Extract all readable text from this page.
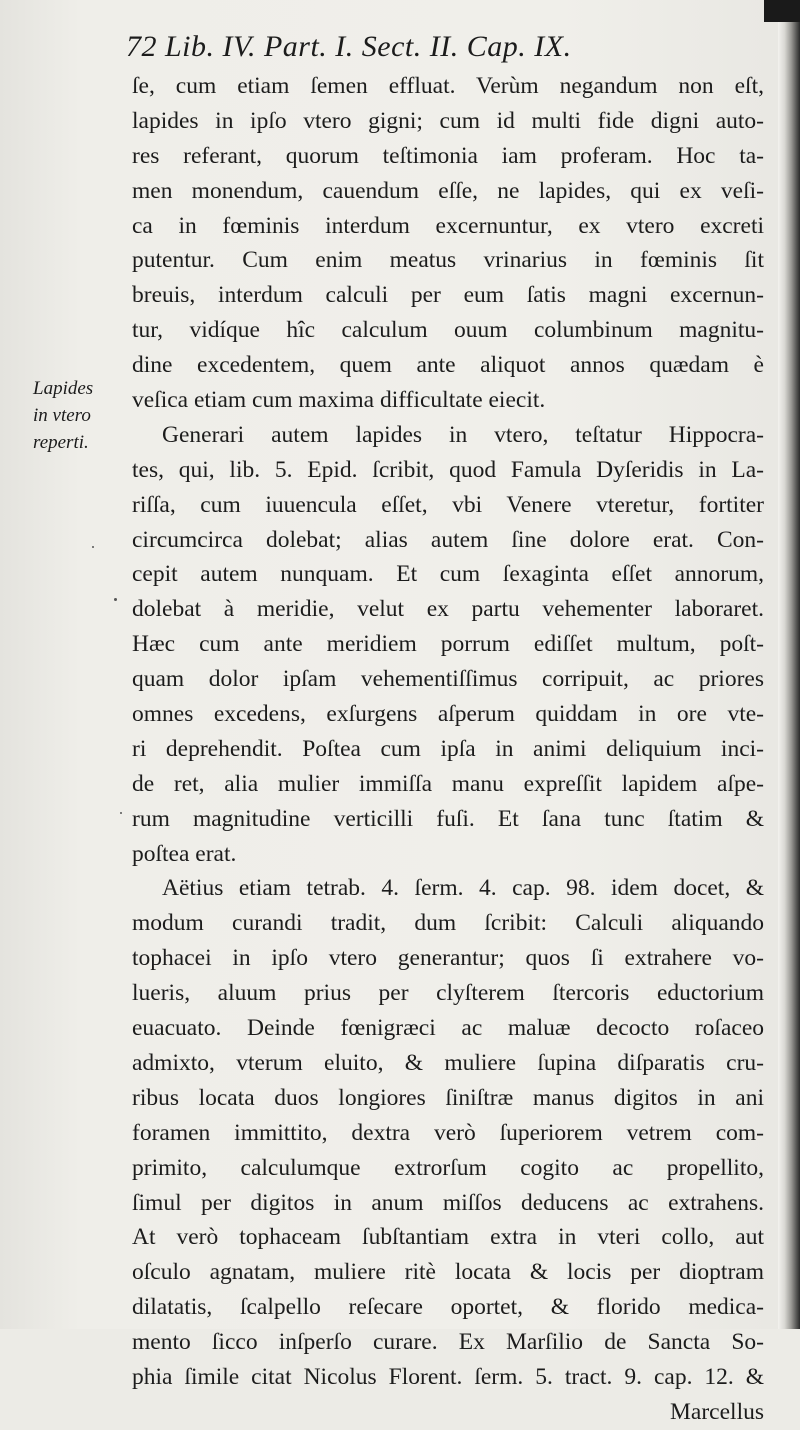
72 Lib. IV. Part. I. Sect. II. Cap. IX.
Lapides
in vtero
reperti.
ſe, cum etiam ſemen effluat. Verùm negandum non eſt,
lapides in ipſo vtero gigni; cum id multi fide digni auto-
res referant, quorum teſtimonia iam proferam. Hoc ta-
men monendum, cauendum eſſe, ne lapides, qui ex veſi-
ca in fœminis interdum excernuntur, ex vtero excreti
putentur. Cum enim meatus vrinarius in fœminis ſit
breuis, interdum calculi per eum ſatis magni excernun-
tur, vidíque hîc calculum ouum columbinum magnitu-
dine excedentem, quem ante aliquot annos quædam è
veſica etiam cum maxima difficultate eiecit.
Generari autem lapides in vtero, teſtatur Hippocra-
tes, qui, lib. 5. Epid. ſcribit, quod Famula Dyſeridis in La-
riſſa, cum iuuencula eſſet, vbi Venere vteretur, fortiter
circumcirca dolebat; alias autem ſine dolore erat. Con-
cepit autem nunquam. Et cum ſexaginta eſſet annorum,
dolebat à meridie, velut ex partu vehementer laboraret.
Hæc cum ante meridiem porrum ediſſet multum, poſt-
quam dolor ipſam vehementiſſimus corripuit, ac priores
omnes excedens, exſurgens aſperum quiddam in ore vte-
ri deprehendit. Poſtea cum ipſa in animi deliquium inci-
de ret, alia mulier immiſſa manu expreſſit lapidem aſpe-
rum magnitudine verticilli fuſi. Et ſana tunc ſtatim &
poſtea erat.
Aëtius etiam tetrab. 4. ſerm. 4. cap. 98. idem docet, &
modum curandi tradit, dum ſcribit: Calculi aliquando
tophacei in ipſo vtero generantur; quos ſi extrahere vo-
lueris, aluum prius per clyſterem ſtercoris eductorium
euacuato. Deinde fœnigræci ac maluæ decocto roſaceo
admixto, vterum eluito, & muliere ſupina diſparatis cru-
ribus locata duos longiores ſiniſtræ manus digitos in ani
foramen immittito, dextra verò ſuperiorem vetrem com-
primito, calculumque extrorſum cogito ac propellito,
ſimul per digitos in anum miſſos deducens ac extrahens.
At verò tophaceam ſubſtantiam extra in vteri collo, aut
oſculo agnatam, muliere ritè locata & locis per dioptram
dilatatis, ſcalpello reſecare oportet, & florido medica-
mento ſicco inſperſo curare. Ex Marſilio de Sancta So-
phia ſimile citat Nicolus Florent. ſerm. 5. tract. 9. cap. 12. &
Marcellus
